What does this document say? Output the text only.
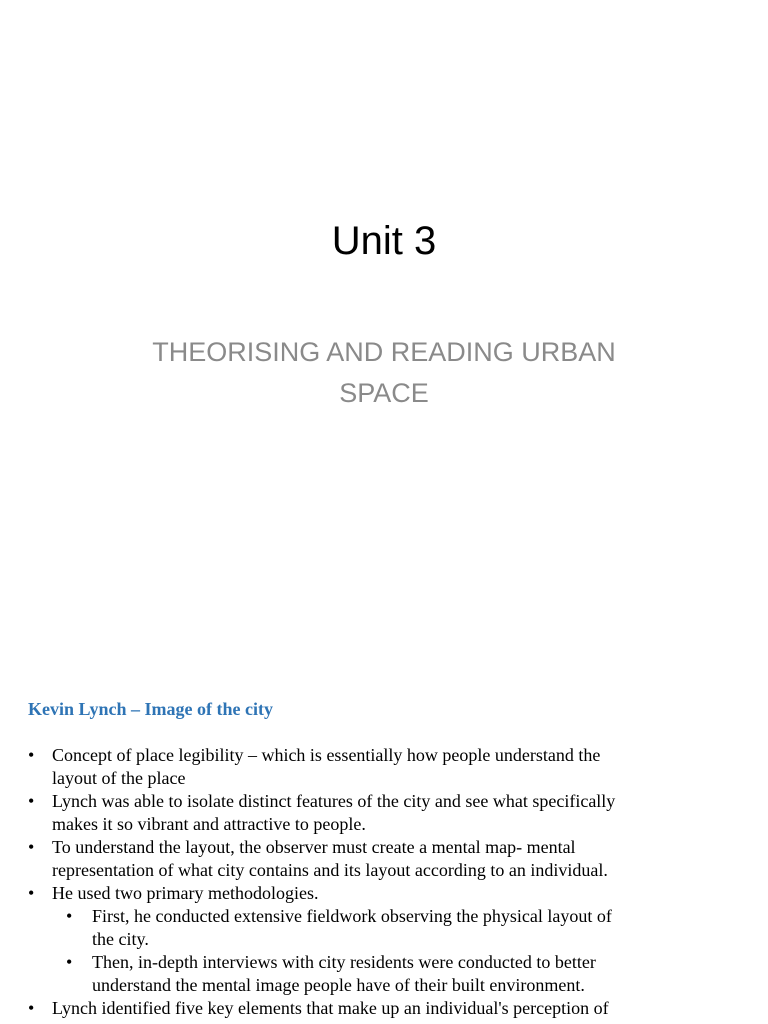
Unit 3
THEORISING AND READING URBAN
SPACE
Kevin Lynch – Image of the city
• Concept of place legibility – which is essentially how people understand the
layout of the place
• Lynch was able to isolate distinct features of the city and see what specifically
makes it so vibrant and attractive to people.
• To understand the layout, the observer must create a mental map- mental
representation of what city contains and its layout according to an individual.
• He used two primary methodologies.
• First, he conducted extensive fieldwork observing the physical layout of
the city.
• Then, in-depth interviews with city residents were conducted to better
understand the mental image people have of their built environment.
• Lynch identified five key elements that make up an individual's perception of
